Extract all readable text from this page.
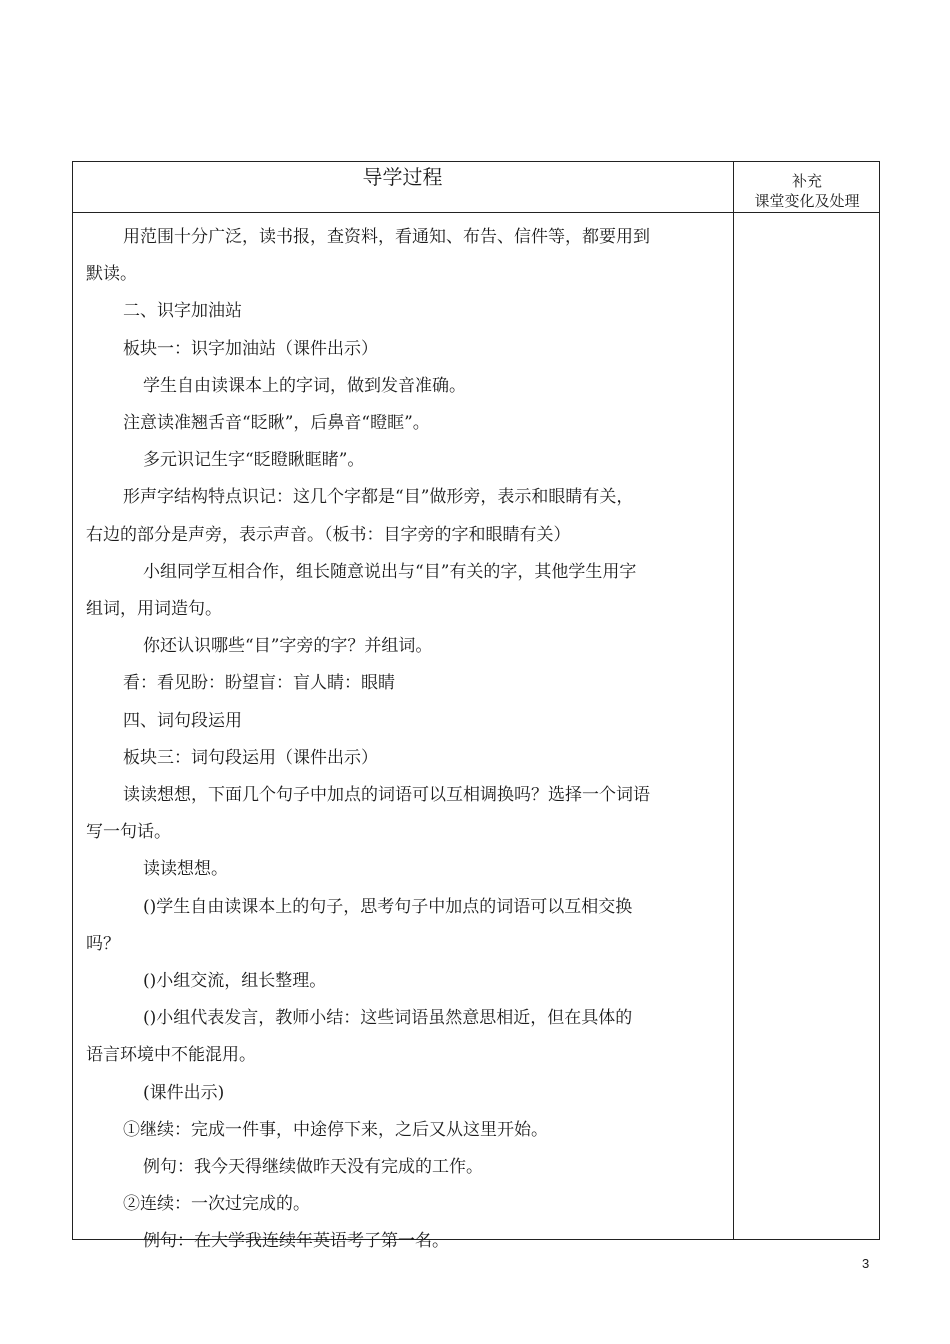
导学过程	补充
课堂变化及处理
用范围十分广泛，读书报，查资料，看通知、布告、信件等，都要用到
默读。
二、识字加油站
板块一：识字加油站（课件出示）
学生自由读课本上的字词，做到发音准确。
注意读准翘舌音“眨瞅”，后鼻音“瞪眶”。
多元识记生字“眨瞪瞅眶睹”。
形声字结构特点识记：这几个字都是“目”做形旁，表示和眼睛有关，
右边的部分是声旁，表示声音。（板书：目字旁的字和眼睛有关）
小组同学互相合作，组长随意说出与“目”有关的字，其他学生用字
组词，用词造句。
你还认识哪些“目”字旁的字？并组词。
看：看见盼：盼望盲：盲人睛：眼睛
四、词句段运用
板块三：词句段运用（课件出示）
读读想想，下面几个句子中加点的词语可以互相调换吗？选择一个词语
写一句话。
读读想想。
()学生自由读课本上的句子，思考句子中加点的词语可以互相交换
吗？
()小组交流，组长整理。
()小组代表发言，教师小结：这些词语虽然意思相近，但在具体的
语言环境中不能混用。
(课件出示)
①继续：完成一件事，中途停下来，之后又从这里开始。
例句：我今天得继续做昨天没有完成的工作。
②连续：一次过完成的。
例句：在大学我连续年英语考了第一名。
3
